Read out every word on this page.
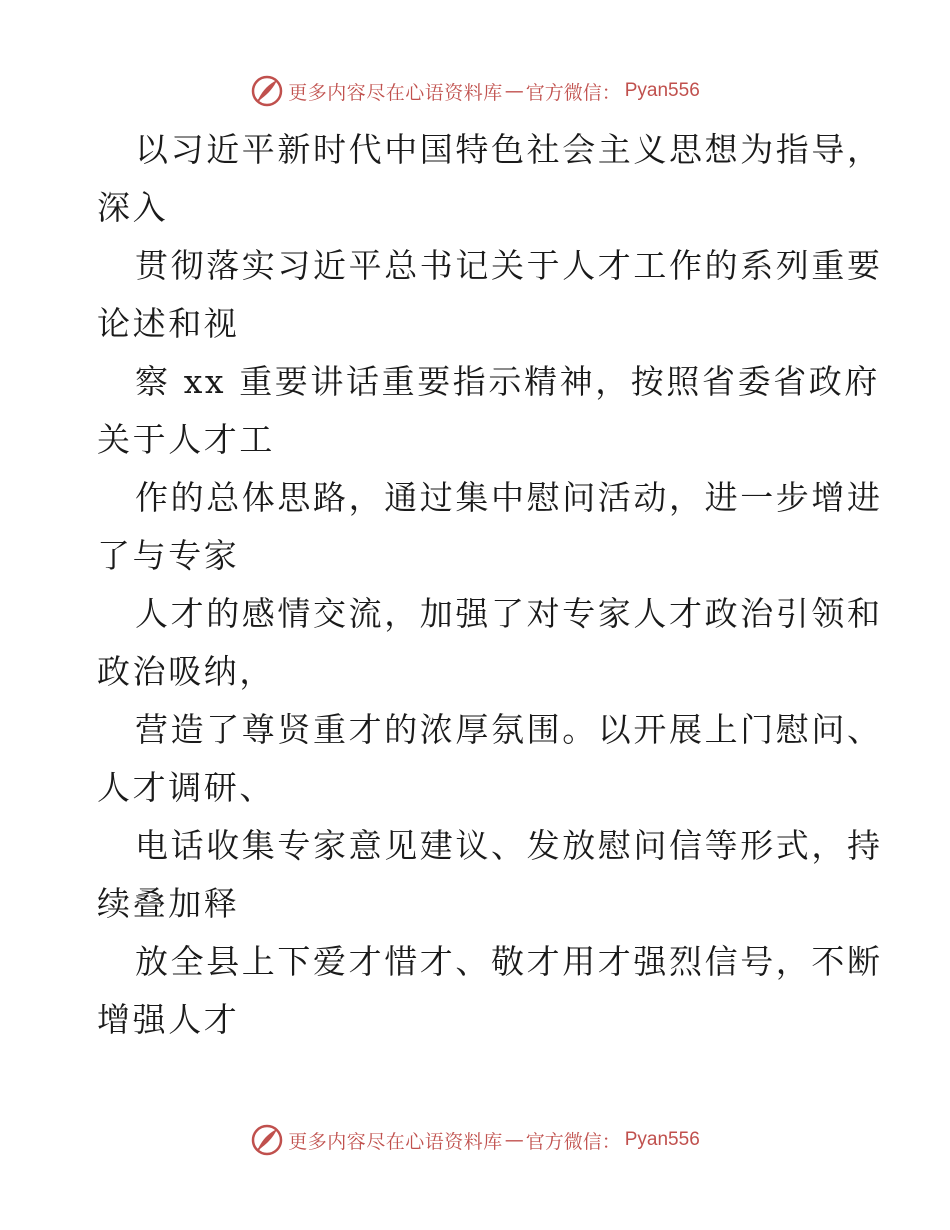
更多内容尽在心语资料库 — 官方微信： Pyan556
以习近平新时代中国特色社会主义思想为指导，
深入
贯彻落实习近平总书记关于人才工作的系列重要
论述和视
察 xx 重要讲话重要指示精神，按照省委省政府
关于人才工
作的总体思路，通过集中慰问活动，进一步增进
了与专家
人才的感情交流，加强了对专家人才政治引领和
政治吸纳，
营造了尊贤重才的浓厚氛围。以开展上门慰问、
人才调研、
电话收集专家意见建议、发放慰问信等形式，持
续叠加释
放全县上下爱才惜才、敬才用才强烈信号，不断
增强人才
更多内容尽在心语资料库 — 官方微信： Pyan556
